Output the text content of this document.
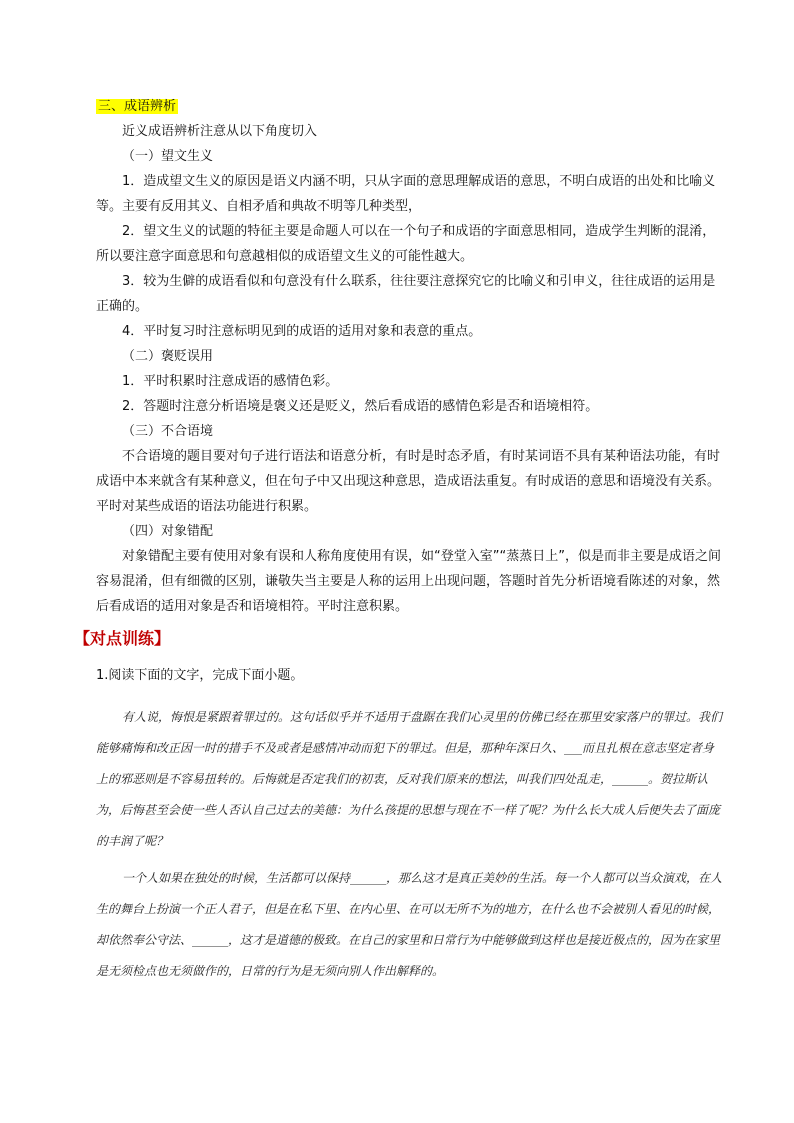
三、成语辨析

近义成语辨析注意从以下角度切入

（一）望文生义

1．造成望文生义的原因是语义内涵不明，只从字面的意思理解成语的意思，不明白成语的出处和比喻义等。主要有反用其义、自相矛盾和典故不明等几种类型，

2．望文生义的试题的特征主要是命题人可以在一个句子和成语的字面意思相同，造成学生判断的混淆，所以要注意字面意思和句意越相似的成语望文生义的可能性越大。

3．较为生僻的成语看似和句意没有什么联系，往往要注意探究它的比喻义和引申义，往往成语的运用是正确的。

4．平时复习时注意标明见到的成语的适用对象和表意的重点。

（二）褒贬误用

1．平时积累时注意成语的感情色彩。

2．答题时注意分析语境是褒义还是贬义，然后看成语的感情色彩是否和语境相符。

（三）不合语境

不合语境的题目要对句子进行语法和语意分析，有时是时态矛盾，有时某词语不具有某种语法功能，有时成语中本来就含有某种意义，但在句子中又出现这种意思，造成语法重复。有时成语的意思和语境没有关系。平时对某些成语的语法功能进行积累。

（四）对象错配

对象错配主要有使用对象有误和人称角度使用有误，如“登堂入室”“蒸蒸日上”，似是而非主要是成语之间容易混淆，但有细微的区别，谦敬失当主要是人称的运用上出现问题，答题时首先分析语境看陈述的对象，然后看成语的适用对象是否和语境相符。平时注意积累。

【对点训练】

1.阅读下面的文字，完成下面小题。

有人说，悔恨是紧跟着罪过的。这句话似乎并不适用于盘踞在我们心灵里的仿佛已经在那里安家落户的罪过。我们能够痛悔和改正因一时的措手不及或者是感情冲动而犯下的罪过。但是，那种年深日久、___而且扎根在意志坚定者身上的邪恶则是不容易扭转的。后悔就是否定我们的初衷，反对我们原来的想法，叫我们四处乱走，______。贺拉斯认为，后悔甚至会使一些人否认自己过去的美德：为什么孩提的思想与现在不一样了呢？为什么长大成人后便失去了面庞的丰润了呢？

一个人如果在独处的时候，生活都可以保持______，那么这才是真正美妙的生活。每一个人都可以当众演戏，在人生的舞台上扮演一个正人君子，但是在私下里、在内心里、在可以无所不为的地方，在什么也不会被别人看见的时候，却依然奉公守法、______，这才是道德的极致。在自己的家里和日常行为中能够做到这样也是接近极点的，因为在家里是无须检点也无须做作的，日常的行为是无须向别人作出解释的。
